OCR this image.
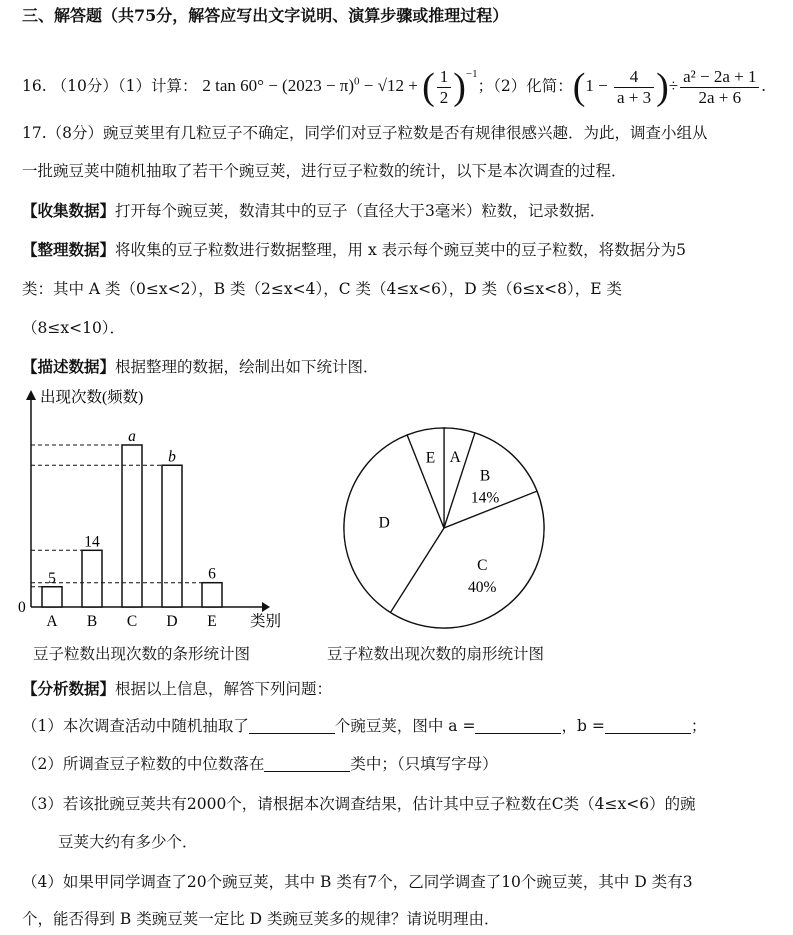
三、解答题（共75分，解答应写出文字说明、演算步骤或推理过程）
16. （10分）（1）计算： 2 $\tan 60^\circ - (2023 - \pi)^0 - √12$ + ( $\frac{1}{2} )^{-1}$；（2）化简：($1 - \frac{4}{a + 3}$ )÷ $\frac{\text{a² − 2a + 1}}{2a + 6}$ .
17.（8分）豌豆荚里有几粒豆子不确定，同学们对豆子粒数是否有规律很感兴趣．为此，调查小组从
一批豌豆荚中随机抽取了若干个豌豆荚，进行豆子粒数的统计，以下是本次调查的过程．
【收集数据】打开每个豌豆荚，数清其中的豆子（直径大于3毫米）粒数，记录数据．
【整理数据】将收集的豆子粒数进行数据整理，用 x 表示每个豌豆荚中的豆子粒数，将数据分为5
类：其中 A 类（0≤x<2），B 类（2≤x<4），C 类（4≤x<6），D 类（6≤x<8），E 类
（8≤x<10）．
【描述数据】根据整理的数据，绘制出如下统计图．
5
A
14
B
a
C
b
D
6
E
出现次数(频数)
类别
0
A
B
14%
C
40%
D
E
豆子粒数出现次数的条形统计图	豆子粒数出现次数的扇形统计图
【分析数据】根据以上信息，解答下列问题：
（1）本次调查活动中随机抽取了	个豌豆荚，图中 a =	，b =	；
（2）所调查豆子粒数的中位数落在	类中；（只填写字母）
（3）若该批豌豆荚共有2000个，请根据本次调查结果，估计其中豆子粒数在C类（4≤x<6）的豌
豆荚大约有多少个．
（4）如果甲同学调查了20个豌豆荚，其中 B 类有7个，乙同学调查了10个豌豆荚，其中 D 类有3
个，能否得到 B 类豌豆荚一定比 D 类豌豆荚多的规律？请说明理由．
